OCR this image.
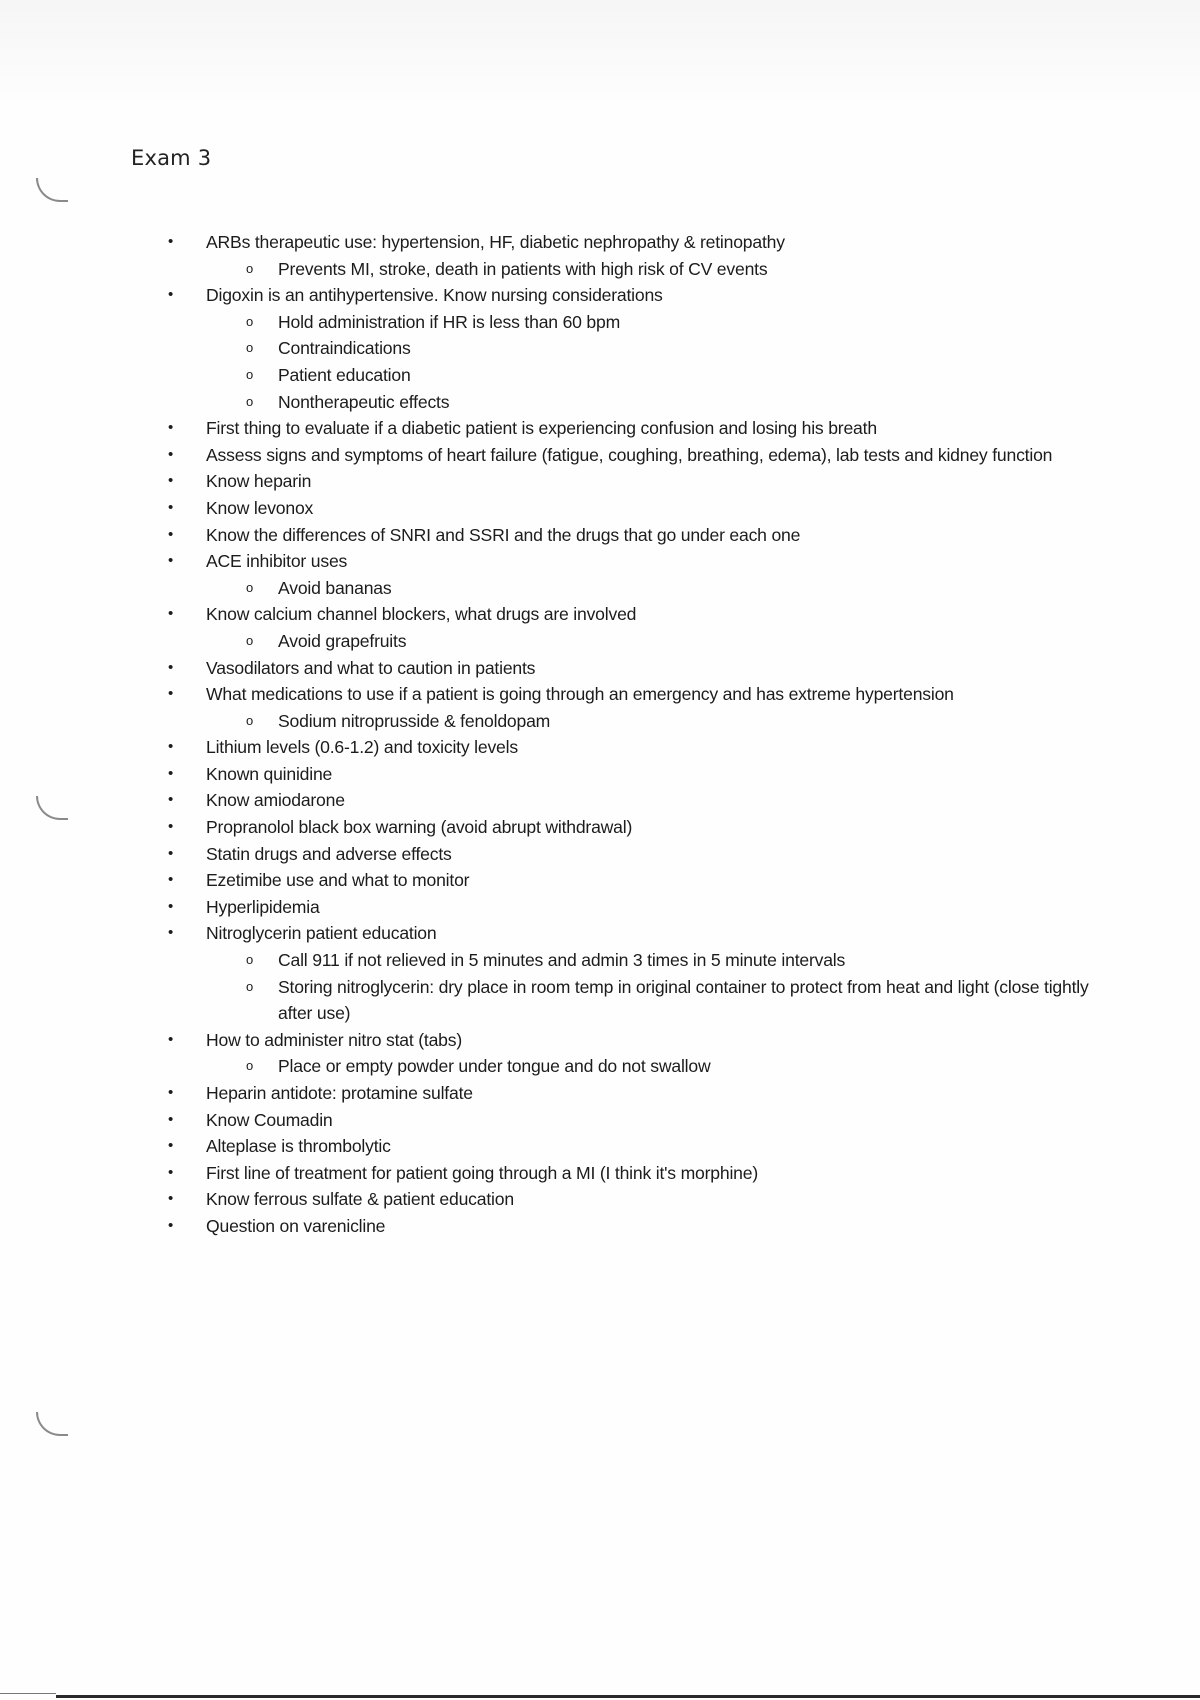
Exam 3
• ARBs therapeutic use: hypertension, HF, diabetic nephropathy & retinopathy
o Prevents MI, stroke, death in patients with high risk of CV events
• Digoxin is an antihypertensive. Know nursing considerations
o Hold administration if HR is less than 60 bpm
o Contraindications
o Patient education
o Nontherapeutic effects
• First thing to evaluate if a diabetic patient is experiencing confusion and losing his breath
• Assess signs and symptoms of heart failure (fatigue, coughing, breathing, edema), lab tests and kidney function
• Know heparin
• Know levonox
• Know the differences of SNRI and SSRI and the drugs that go under each one
• ACE inhibitor uses
o Avoid bananas
• Know calcium channel blockers, what drugs are involved
o Avoid grapefruits
• Vasodilators and what to caution in patients
• What medications to use if a patient is going through an emergency and has extreme hypertension
o Sodium nitroprusside & fenoldopam
• Lithium levels (0.6-1.2) and toxicity levels
• Known quinidine
• Know amiodarone
• Propranolol black box warning (avoid abrupt withdrawal)
• Statin drugs and adverse effects
• Ezetimibe use and what to monitor
• Hyperlipidemia
• Nitroglycerin patient education
o Call 911 if not relieved in 5 minutes and admin 3 times in 5 minute intervals
o Storing nitroglycerin: dry place in room temp in original container to protect from heat and light (close tightly after use)
• How to administer nitro stat (tabs)
o Place or empty powder under tongue and do not swallow
• Heparin antidote: protamine sulfate
• Know Coumadin
• Alteplase is thrombolytic
• First line of treatment for patient going through a MI (I think it's morphine)
• Know ferrous sulfate & patient education
• Question on varenicline
